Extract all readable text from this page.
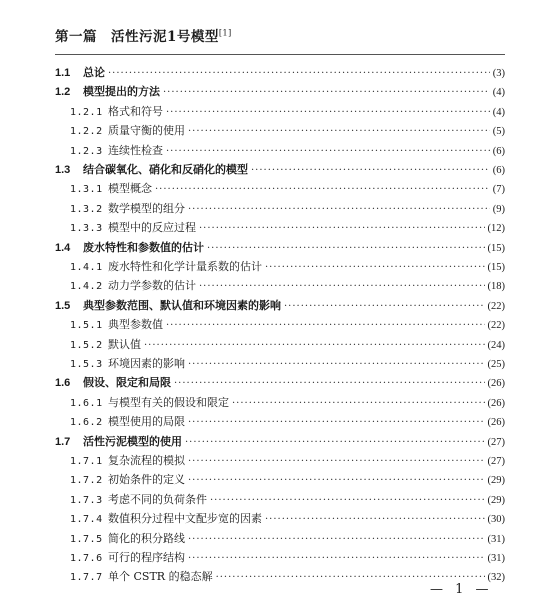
第一篇 活性污泥1号模型[1]
1.1	总论 ·····	(3)
1.2	模型提出的方法 ·····	(4)
1.2.1 格式和符号 ·····	(4)
1.2.2 质量守衡的使用 ·····	(5)
1.2.3 连续性检查 ·····	(6)
1.3	结合碳氧化、硝化和反硝化的模型 ·····	(6)
1.3.1 模型概念 ·····	(7)
1.3.2 数学模型的组分 ·····	(9)
1.3.3 模型中的反应过程 ·····	(12)
1.4	废水特性和参数值的估计 ·····	(15)
1.4.1 废水特性和化学计量系数的估计 ·····	(15)
1.4.2 动力学参数的估计 ·····	(18)
1.5	典型参数范围、默认值和环境因素的影响 ·····	(22)
1.5.1 典型参数值 ·····	(22)
1.5.2 默认值 ·····	(24)
1.5.3 环境因素的影响 ·····	(25)
1.6	假设、限定和局限 ·····	(26)
1.6.1 与模型有关的假设和限定 ·····	(26)
1.6.2 模型使用的局限 ·····	(26)
1.7	活性污泥模型的使用 ·····	(27)
1.7.1 复杂流程的模拟 ·····	(27)
1.7.2 初始条件的定义 ·····	(29)
1.7.3 考虑不同的负荷条件 ·····	(29)
1.7.4 数值积分过程中文配步宽的因素 ·····	(30)
1.7.5 简化的积分路线 ·····	(31)
1.7.6 可行的程序结构 ·····	(31)
1.7.7 单个 CSTR 的稳态解 ·····	(32)
— 1 —
